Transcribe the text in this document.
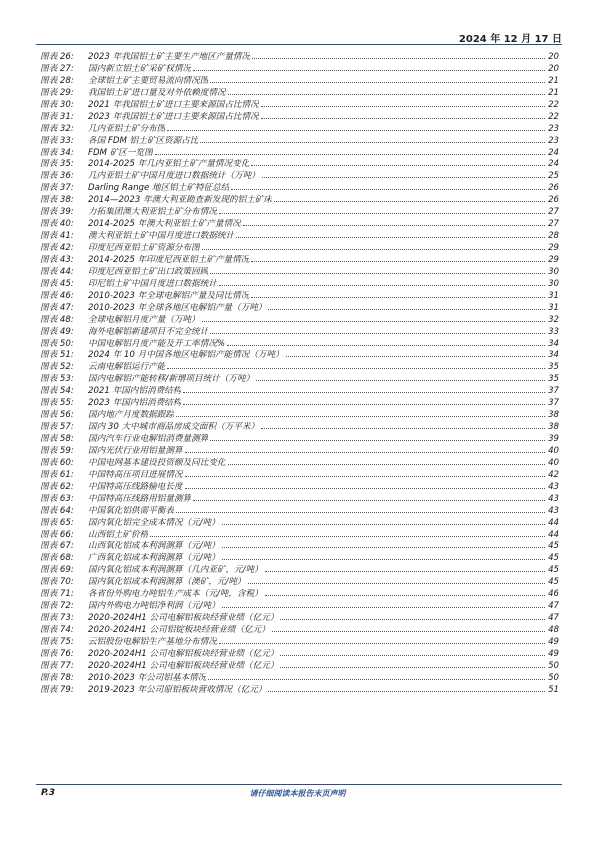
2024 年 12 月 17 日
图表 26:	2023 年我国铝土矿主要生产地区产量情况	20
图表 27:	国内新立铝土矿采矿权情况	20
图表 28:	全球铝土矿主要贸易流向情况图	21
图表 29:	我国铝土矿进口量及对外依赖度情况	21
图表 30:	2021 年我国铝土矿进口主要来源国占比情况	22
图表 31:	2023 年我国铝土矿进口主要来源国占比情况	22
图表 32:	几内亚铝土矿分布图	23
图表 33:	各国 FDM 铝土矿区资源占比	23
图表 34:	FDM 矿区一览图	24
图表 35:	2014-2025 年几内亚铝土矿产量情况变化	24
图表 36:	几内亚铝土矿中国月度进口数据统计（万吨）	25
图表 37:	Darling Range 地区铝土矿特征总结	26
图表 38:	2014—2023 年澳大利亚勘查新发现的铝土矿床	26
图表 39:	力拓集团澳大利亚铝土矿分布情况	27
图表 40:	2014-2025 年澳大利亚铝土矿产量情况	27
图表 41:	澳大利亚铝土矿中国月度进口数据统计	28
图表 42:	印度尼西亚铝土矿资源分布图	29
图表 43:	2014-2025 年印度尼西亚铝土矿产量情况	29
图表 44:	印度尼西亚铝土矿出口政策回顾	30
图表 45:	印尼铝土矿中国月度进口数据统计	30
图表 46:	2010-2023 年全球电解铝产量及同比情况	31
图表 47:	2010-2023 年全球各地区电解铝产量（万吨）	31
图表 48:	全球电解铝月度产量（万吨）	32
图表 49:	海外电解铝新建项目不完全统计	33
图表 50:	中国电解铝月度产能及开工率情况%	34
图表 51:	2024 年 10 月中国各地区电解铝产能情况（万吨）	34
图表 52:	云南电解铝运行产能	35
图表 53:	国内电解铝产能转移/新增项目统计（万吨）	35
图表 54:	2021 年国内铝消费结构	37
图表 55:	2023 年国内铝消费结构	37
图表 56:	国内地产月度数据跟踪	38
图表 57:	国内 30 大中城市商品房成交面积（万平米）	38
图表 58:	国内汽车行业电解铝消费量测算	39
图表 59:	国内光伏行业用铝量测算	40
图表 60:	中国电网基本建设投资额及同比变化	40
图表 61:	中国特高压项目进展情况	42
图表 62:	中国特高压线路输电长度	43
图表 63:	中国特高压线路用铝量测算	43
图表 64:	中国氧化铝供需平衡表	43
图表 65:	国内氧化铝完全成本情况（元/吨）	44
图表 66:	山西铝土矿价格	44
图表 67:	山西氧化铝成本利润测算（元/吨）	45
图表 68:	广西氧化铝成本利润测算（元/吨）	45
图表 69:	国内氧化铝成本利润测算（几内亚矿，元/吨）	45
图表 70:	国内氧化铝成本利润测算（澳矿，元/吨）	45
图表 71:	各省份外购电力吨铝生产成本（元/吨，含税）	46
图表 72:	国内外购电力吨铝净利润（元/吨）	47
图表 73:	2020-2024H1 公司电解铝板块经营业绩（亿元）	47
图表 74:	2020-2024H1 公司铝锭板块经营业绩（亿元）	48
图表 75:	云铝股份电解铝生产基地分布情况	49
图表 76:	2020-2024H1 公司电解铝板块经营业绩（亿元）	49
图表 77:	2020-2024H1 公司电解铝板块经营业绩（亿元）	50
图表 78:	2010-2023 年公司铝基本情况	50
图表 79:	2019-2023 年公司原铝板块营收情况（亿元）	51
P.3	请仔细阅读本报告末页声明
